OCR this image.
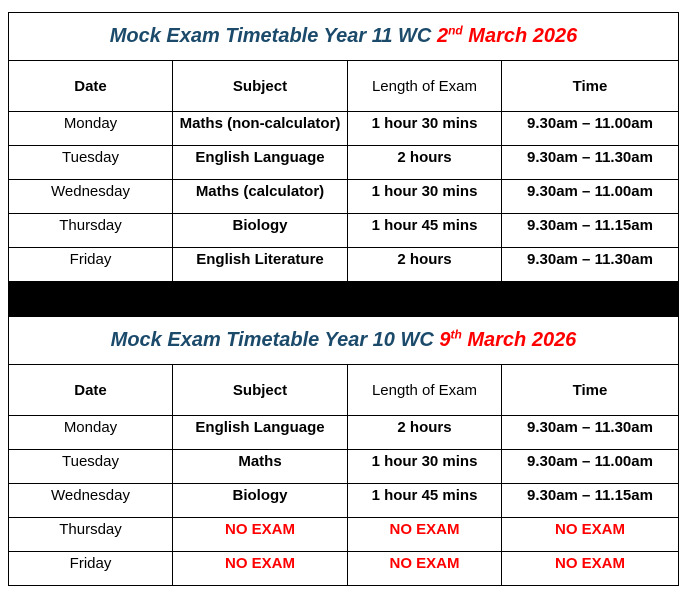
Mock Exam Timetable Year 11 WC 2nd March 2026			
Date	Subject	Length of Exam	Time
Monday	Maths (non-calculator)	1 hour 30 mins	9.30am – 11.00am
Tuesday	English Language	2 hours	9.30am – 11.30am
Wednesday	Maths (calculator)	1 hour 30 mins	9.30am – 11.00am
Thursday	Biology	1 hour 45 mins	9.30am – 11.15am
Friday	English Literature	2 hours	9.30am – 11.30am

Mock Exam Timetable Year 10 WC 9th March 2026			
Date	Subject	Length of Exam	Time
Monday	English Language	2 hours	9.30am – 11.30am
Tuesday	Maths	1 hour 30 mins	9.30am – 11.00am
Wednesday	Biology	1 hour 45 mins	9.30am – 11.15am
Thursday	NO EXAM	NO EXAM	NO EXAM
Friday	NO EXAM	NO EXAM	NO EXAM
